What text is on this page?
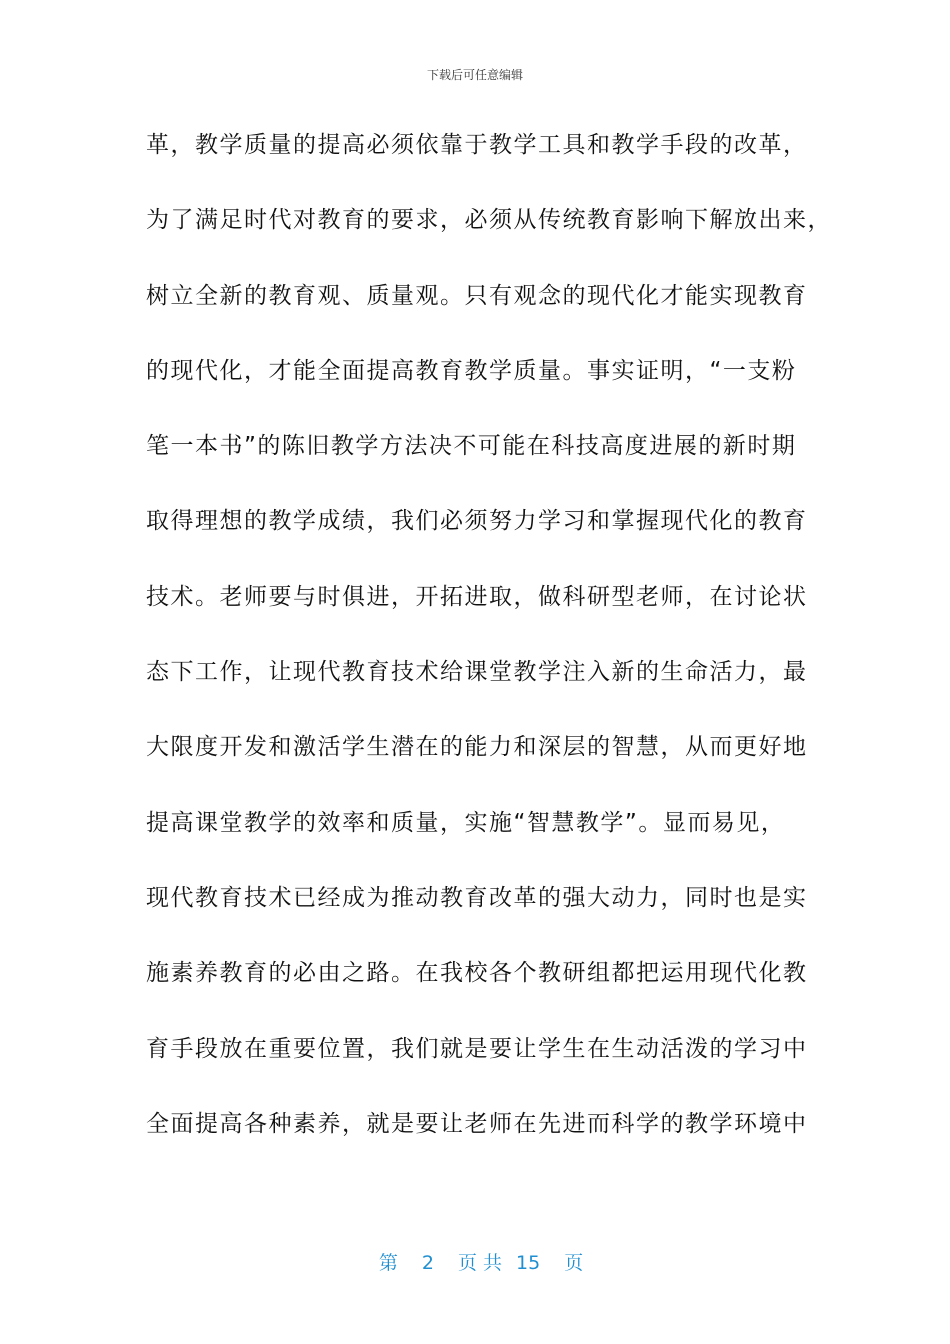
下载后可任意编辑
革，教学质量的提高必须依靠于教学工具和教学手段的改革，
为了满足时代对教育的要求，必须从传统教育影响下解放出来，
树立全新的教育观、质量观。只有观念的现代化才能实现教育
的现代化，才能全面提高教育教学质量。事实证明，“一支粉
笔一本书”的陈旧教学方法决不可能在科技高度进展的新时期
取得理想的教学成绩，我们必须努力学习和掌握现代化的教育
技术。老师要与时俱进，开拓进取，做科研型老师，在讨论状
态下工作，让现代教育技术给课堂教学注入新的生命活力，最
大限度开发和激活学生潜在的能力和深层的智慧，从而更好地
提高课堂教学的效率和质量，实施“智慧教学”。显而易见，
现代教育技术已经成为推动教育改革的强大动力，同时也是实
施素养教育的必由之路。在我校各个教研组都把运用现代化教
育手段放在重要位置，我们就是要让学生在生动活泼的学习中
全面提高各种素养，就是要让老师在先进而科学的教学环境中

第 2 页 共 15 页
